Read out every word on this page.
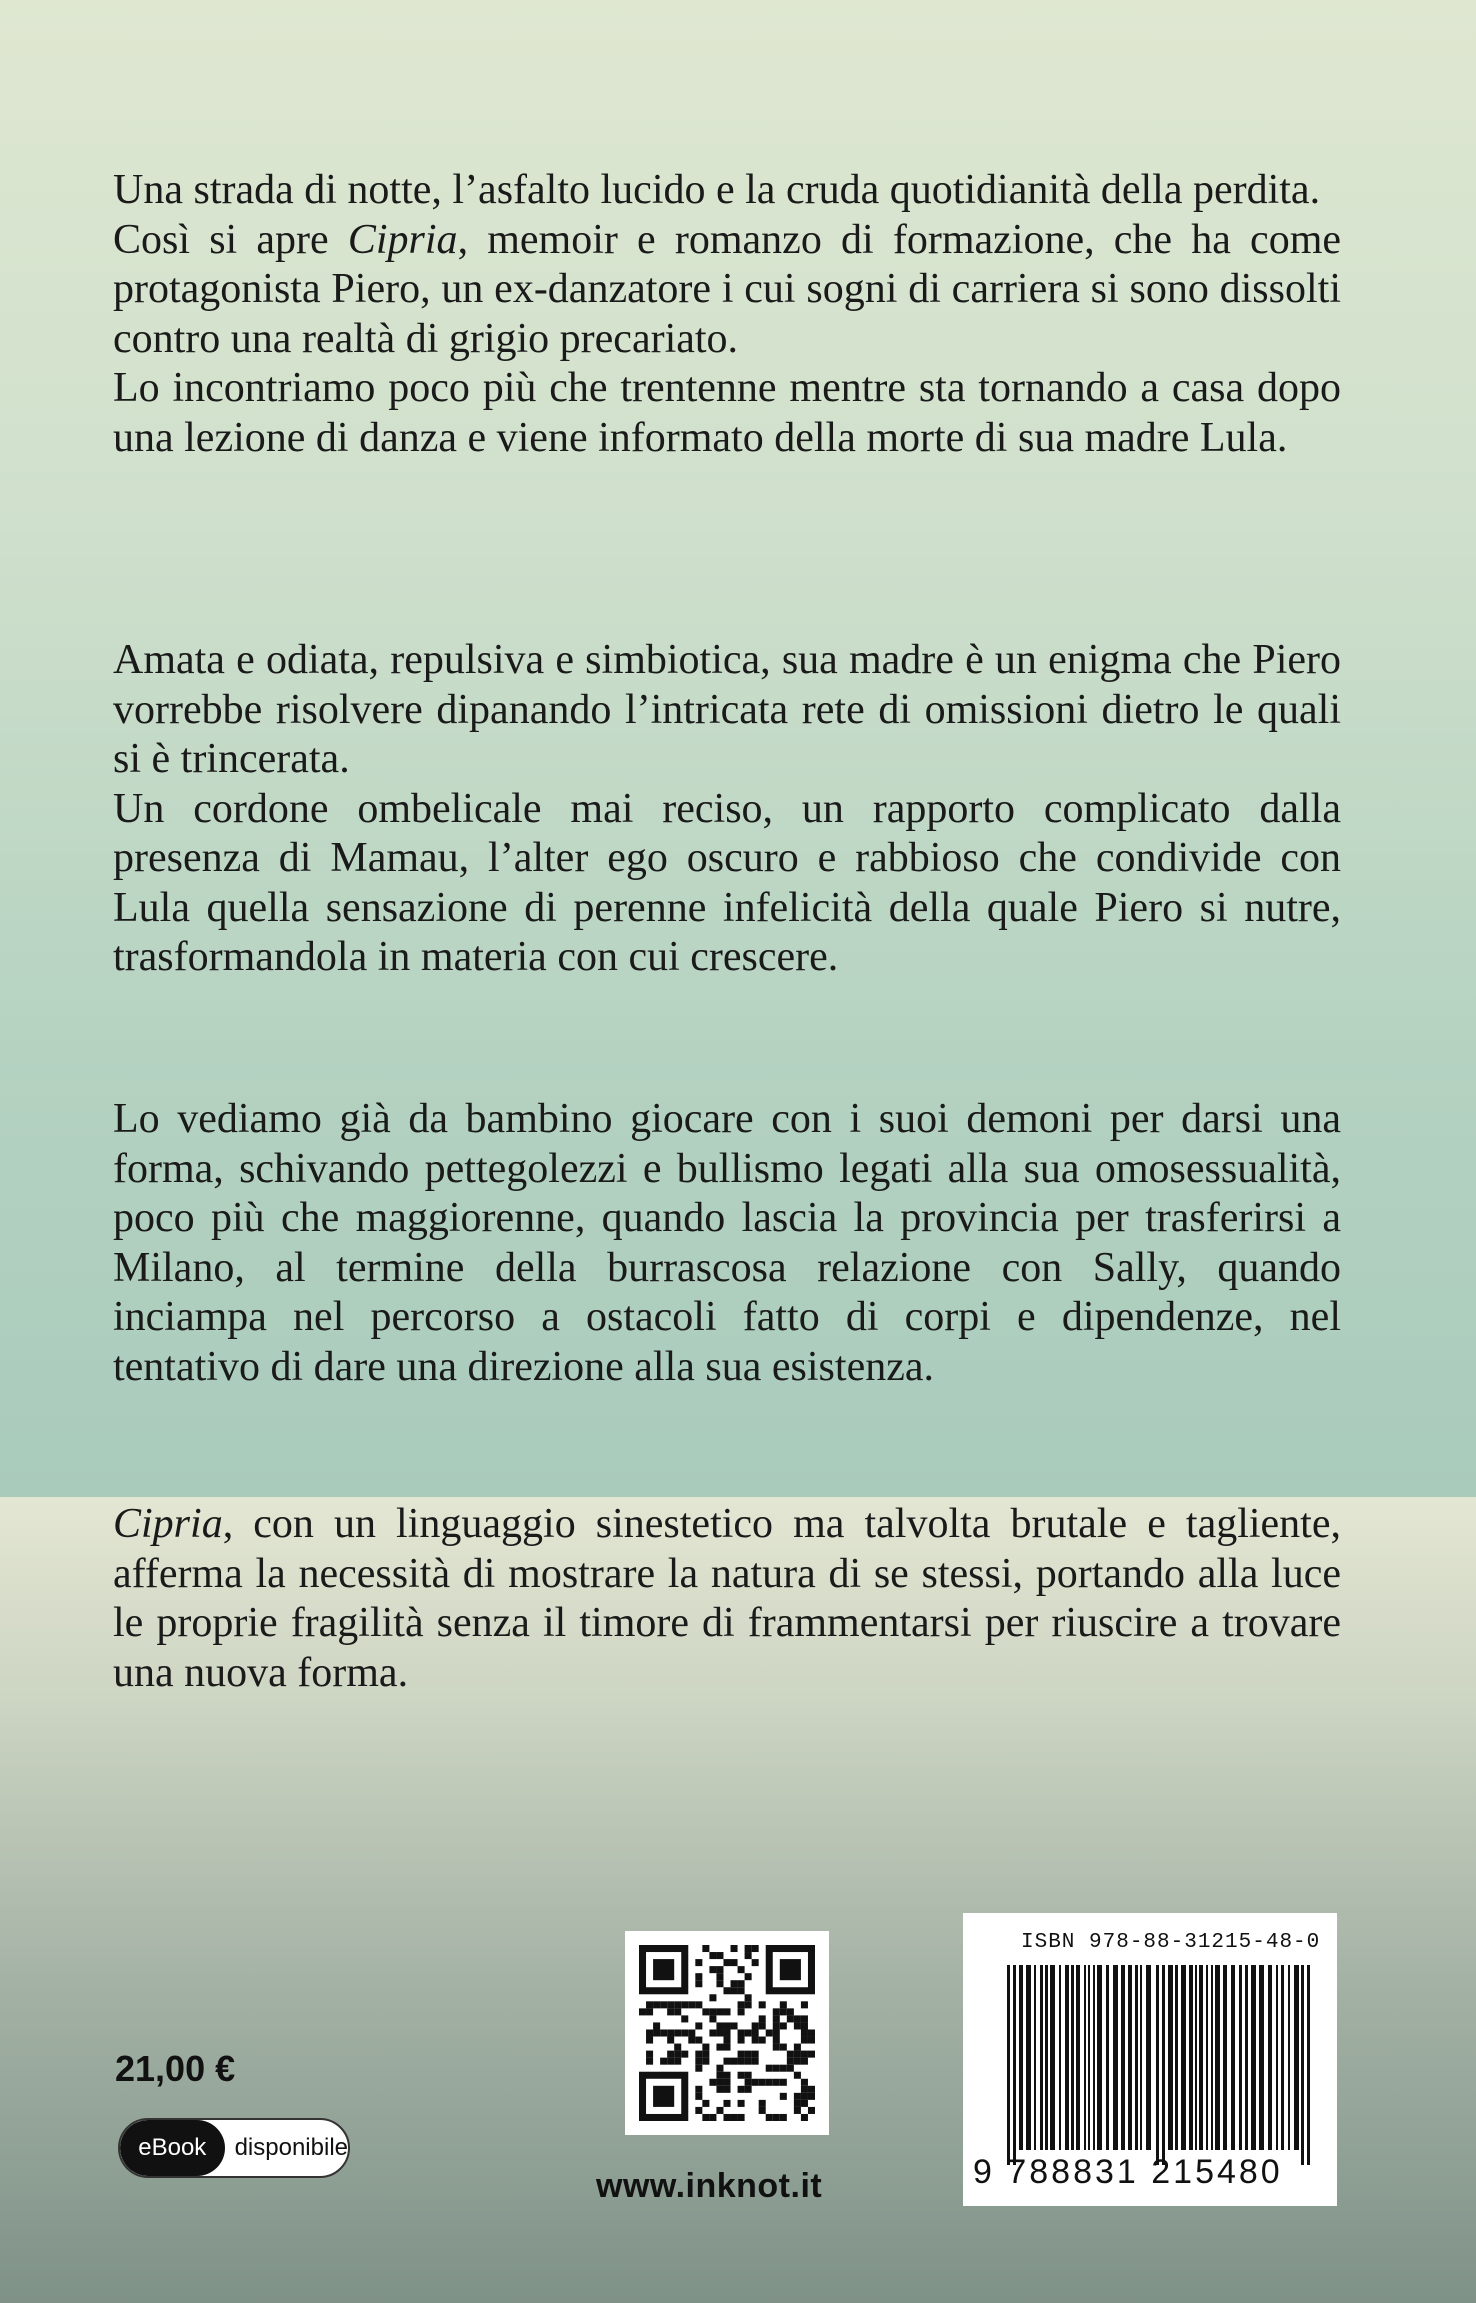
Una strada di notte, l’asfalto lucido e la cruda quotidianità della perdita.

Così si apre Cipria, memoir e romanzo di formazione, che ha come protagonista Piero, un ex-danzatore i cui sogni di carriera si sono dissolti contro una realtà di grigio precariato.

Lo incontriamo poco più che trentenne mentre sta tornando a casa dopo una lezione di danza e viene informato della morte di sua madre Lula.

Amata e odiata, repulsiva e simbiotica, sua madre è un enigma che Piero vorrebbe risolvere dipanando l’intricata rete di omissioni dietro le quali si è trincerata.

Un cordone ombelicale mai reciso, un rapporto complicato dalla presenza di Mamau, l’alter ego oscuro e rabbioso che condivide con Lula quella sensazione di perenne infelicità della quale Piero si nutre, trasformandola in materia con cui crescere.

Lo vediamo già da bambino giocare con i suoi demoni per darsi una forma, schivando pettegolezzi e bullismo legati alla sua omosessualità, poco più che maggiorenne, quando lascia la provincia per trasferirsi a Milano, al termine della burrascosa relazione con Sally, quando inciampa nel percorso a ostacoli fatto di corpi e dipendenze, nel tentativo di dare una direzione alla sua esistenza.

Cipria, con un linguaggio sinestetico ma talvolta brutale e tagliente, afferma la necessità di mostrare la natura di se stessi, portando alla luce le proprie fragilità senza il timore di frammentarsi per riuscire a trovare una nuova forma.

21,00 €
eBook	disponibile
www.inknot.it
ISBN 978-88-31215-48-0
9 788831 215480
